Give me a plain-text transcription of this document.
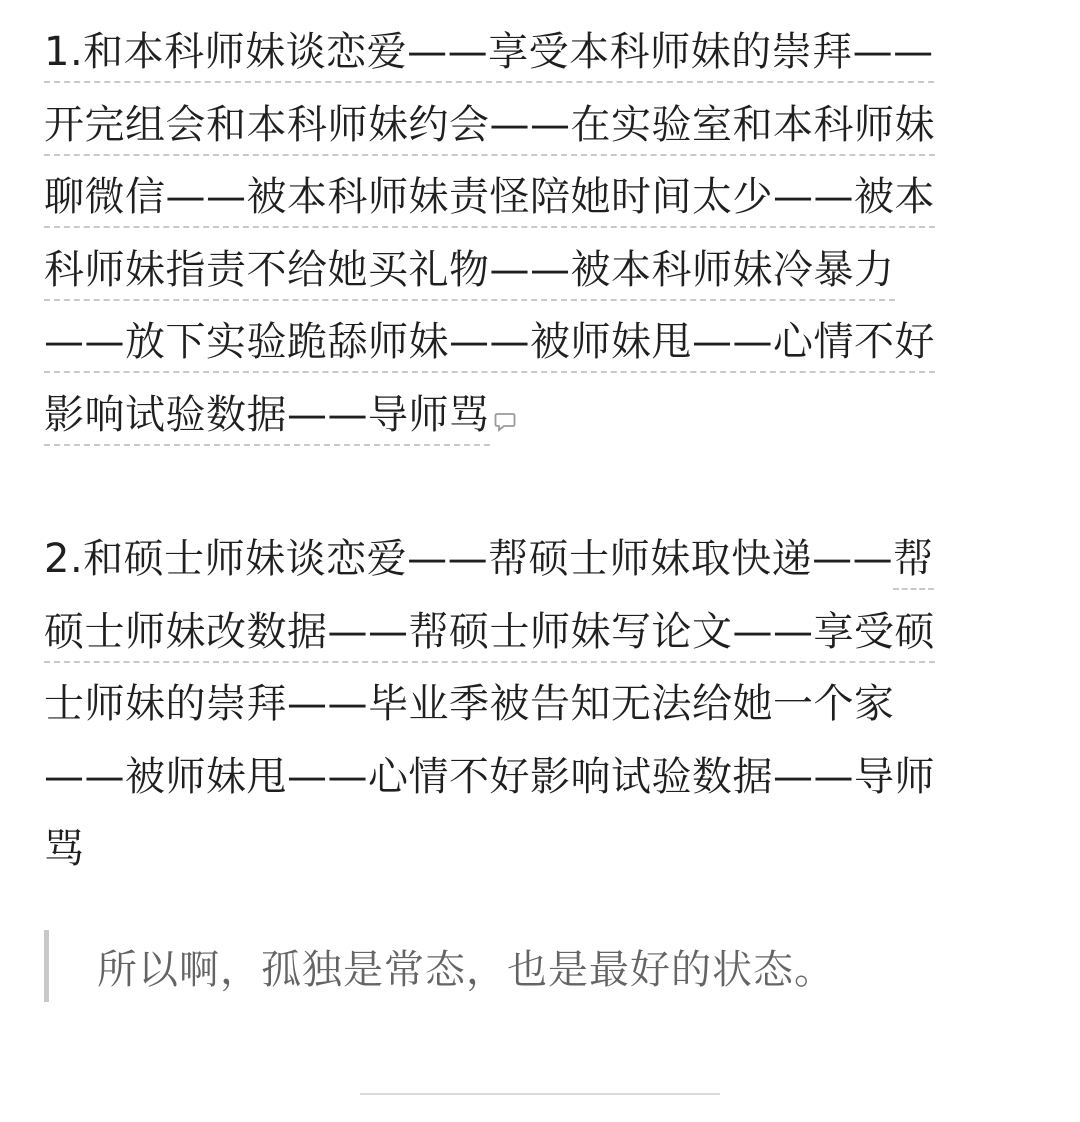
1.和本科师妹谈恋爱——享受本科师妹的崇拜——
开完组会和本科师妹约会——在实验室和本科师妹
聊微信——被本科师妹责怪陪她时间太少——被本
科师妹指责不给她买礼物——被本科师妹冷暴力
——放下实验跪舔师妹——被师妹甩——心情不好
影响试验数据——导师骂

2.和硕士师妹谈恋爱——帮硕士师妹取快递——帮
硕士师妹改数据——帮硕士师妹写论文——享受硕
士师妹的崇拜——毕业季被告知无法给她一个家
——被师妹甩——心情不好影响试验数据——导师
骂

所以啊，孤独是常态，也是最好的状态。
